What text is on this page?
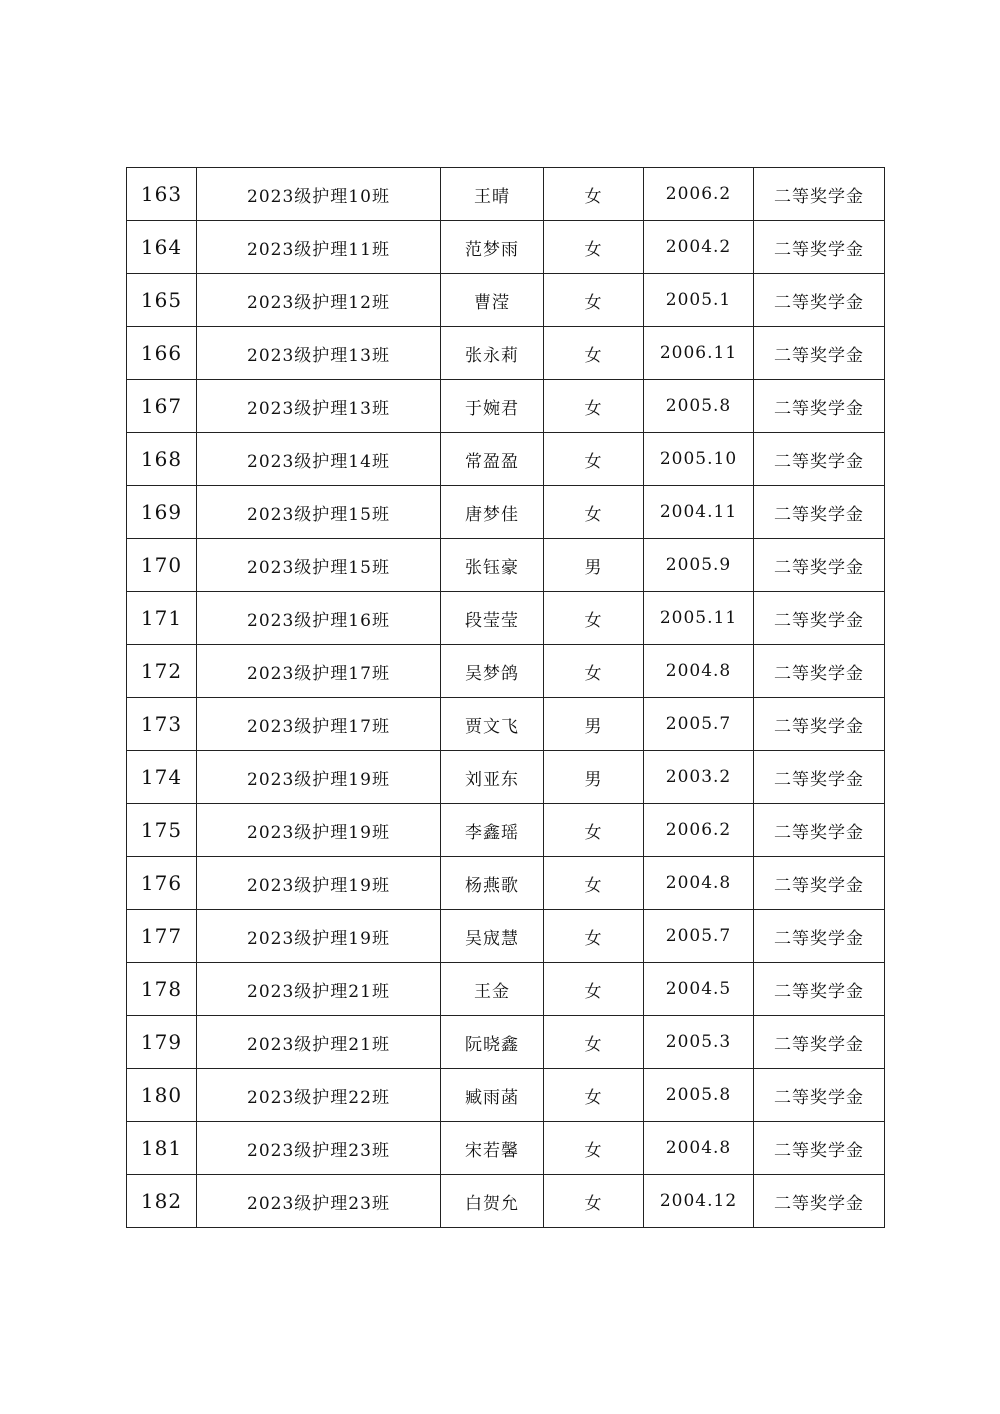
163	2023级护理10班	王晴	女	2006.2	二等奖学金
164	2023级护理11班	范梦雨	女	2004.2	二等奖学金
165	2023级护理12班	曹滢	女	2005.1	二等奖学金
166	2023级护理13班	张永莉	女	2006.11	二等奖学金
167	2023级护理13班	于婉君	女	2005.8	二等奖学金
168	2023级护理14班	常盈盈	女	2005.10	二等奖学金
169	2023级护理15班	唐梦佳	女	2004.11	二等奖学金
170	2023级护理15班	张钰豪	男	2005.9	二等奖学金
171	2023级护理16班	段莹莹	女	2005.11	二等奖学金
172	2023级护理17班	吴梦鸽	女	2004.8	二等奖学金
173	2023级护理17班	贾文飞	男	2005.7	二等奖学金
174	2023级护理19班	刘亚东	男	2003.2	二等奖学金
175	2023级护理19班	李鑫瑶	女	2006.2	二等奖学金
176	2023级护理19班	杨燕歌	女	2004.8	二等奖学金
177	2023级护理19班	吴宬慧	女	2005.7	二等奖学金
178	2023级护理21班	王金	女	2004.5	二等奖学金
179	2023级护理21班	阮晓鑫	女	2005.3	二等奖学金
180	2023级护理22班	臧雨菡	女	2005.8	二等奖学金
181	2023级护理23班	宋若馨	女	2004.8	二等奖学金
182	2023级护理23班	白贺允	女	2004.12	二等奖学金
